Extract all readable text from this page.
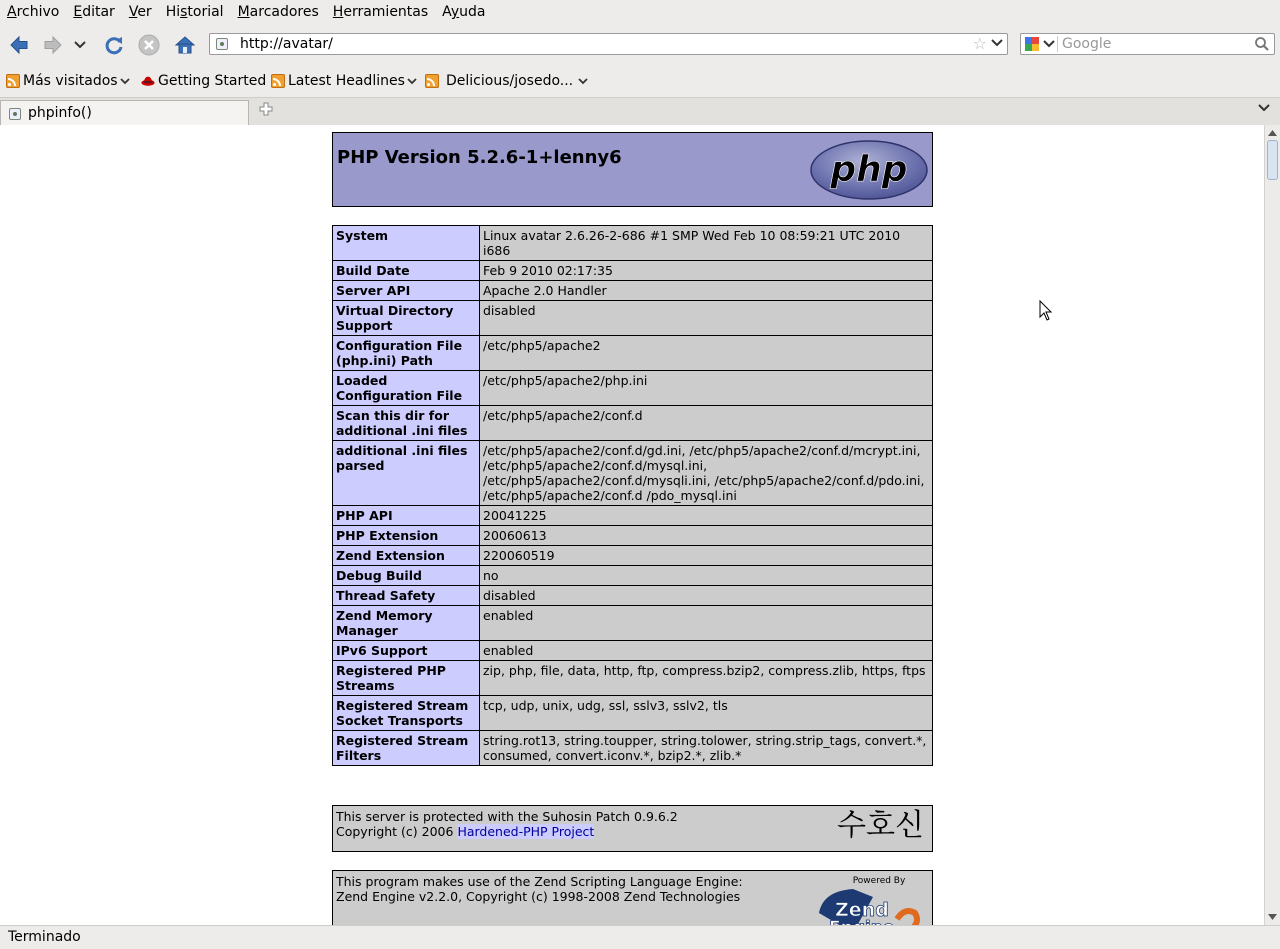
Archivo	Editar	Ver	Historial	Marcadores	Herramientas	Ayuda
http://avatar/	☆	Google
Más visitados	Getting Started Latest Headlines	Delicious/josedo...
phpinfo()
PHP Version 5.2.6-1+lenny6	php
System	Linux avatar 2.6.26-2-686 #1 SMP Wed Feb 10 08:59:21 UTC 2010 i686
Build Date	Feb 9 2010 02:17:35
Server API	Apache 2.0 Handler
Virtual Directory Support	disabled
Configuration File (php.ini) Path	/etc/php5/apache2
Loaded Configuration File	/etc/php5/apache2/php.ini
Scan this dir for additional .ini files	/etc/php5/apache2/conf.d
additional .ini files parsed	/etc/php5/apache2/conf.d/gd.ini, /etc/php5/apache2/conf.d/mcrypt.ini, /etc/php5/apache2/conf.d/mysql.ini, /etc/php5/apache2/conf.d/mysqli.ini, /etc/php5/apache2/conf.d/pdo.ini, /etc/php5/apache2/conf.d /pdo_mysql.ini
PHP API	20041225
PHP Extension	20060613
Zend Extension	220060519
Debug Build	no
Thread Safety	disabled
Zend Memory Manager	enabled
IPv6 Support	enabled
Registered PHP Streams	zip, php, file, data, http, ftp, compress.bzip2, compress.zlib, https, ftps
Registered Stream Socket Transports	tcp, udp, unix, udg, ssl, sslv3, sslv2, tls
Registered Stream Filters	string.rot13, string.toupper, string.tolower, string.strip_tags, convert.*, consumed, convert.iconv.*, bzip2.*, zlib.*
This server is protected with the Suhosin Patch 0.9.6.2
Copyright (c) 2006 Hardened-PHP Project	수호신
This program makes use of the Zend Scripting Language Engine:
Zend Engine v2.2.0, Copyright (c) 1998-2008 Zend Technologies
Powered By
Zend
Terminado
